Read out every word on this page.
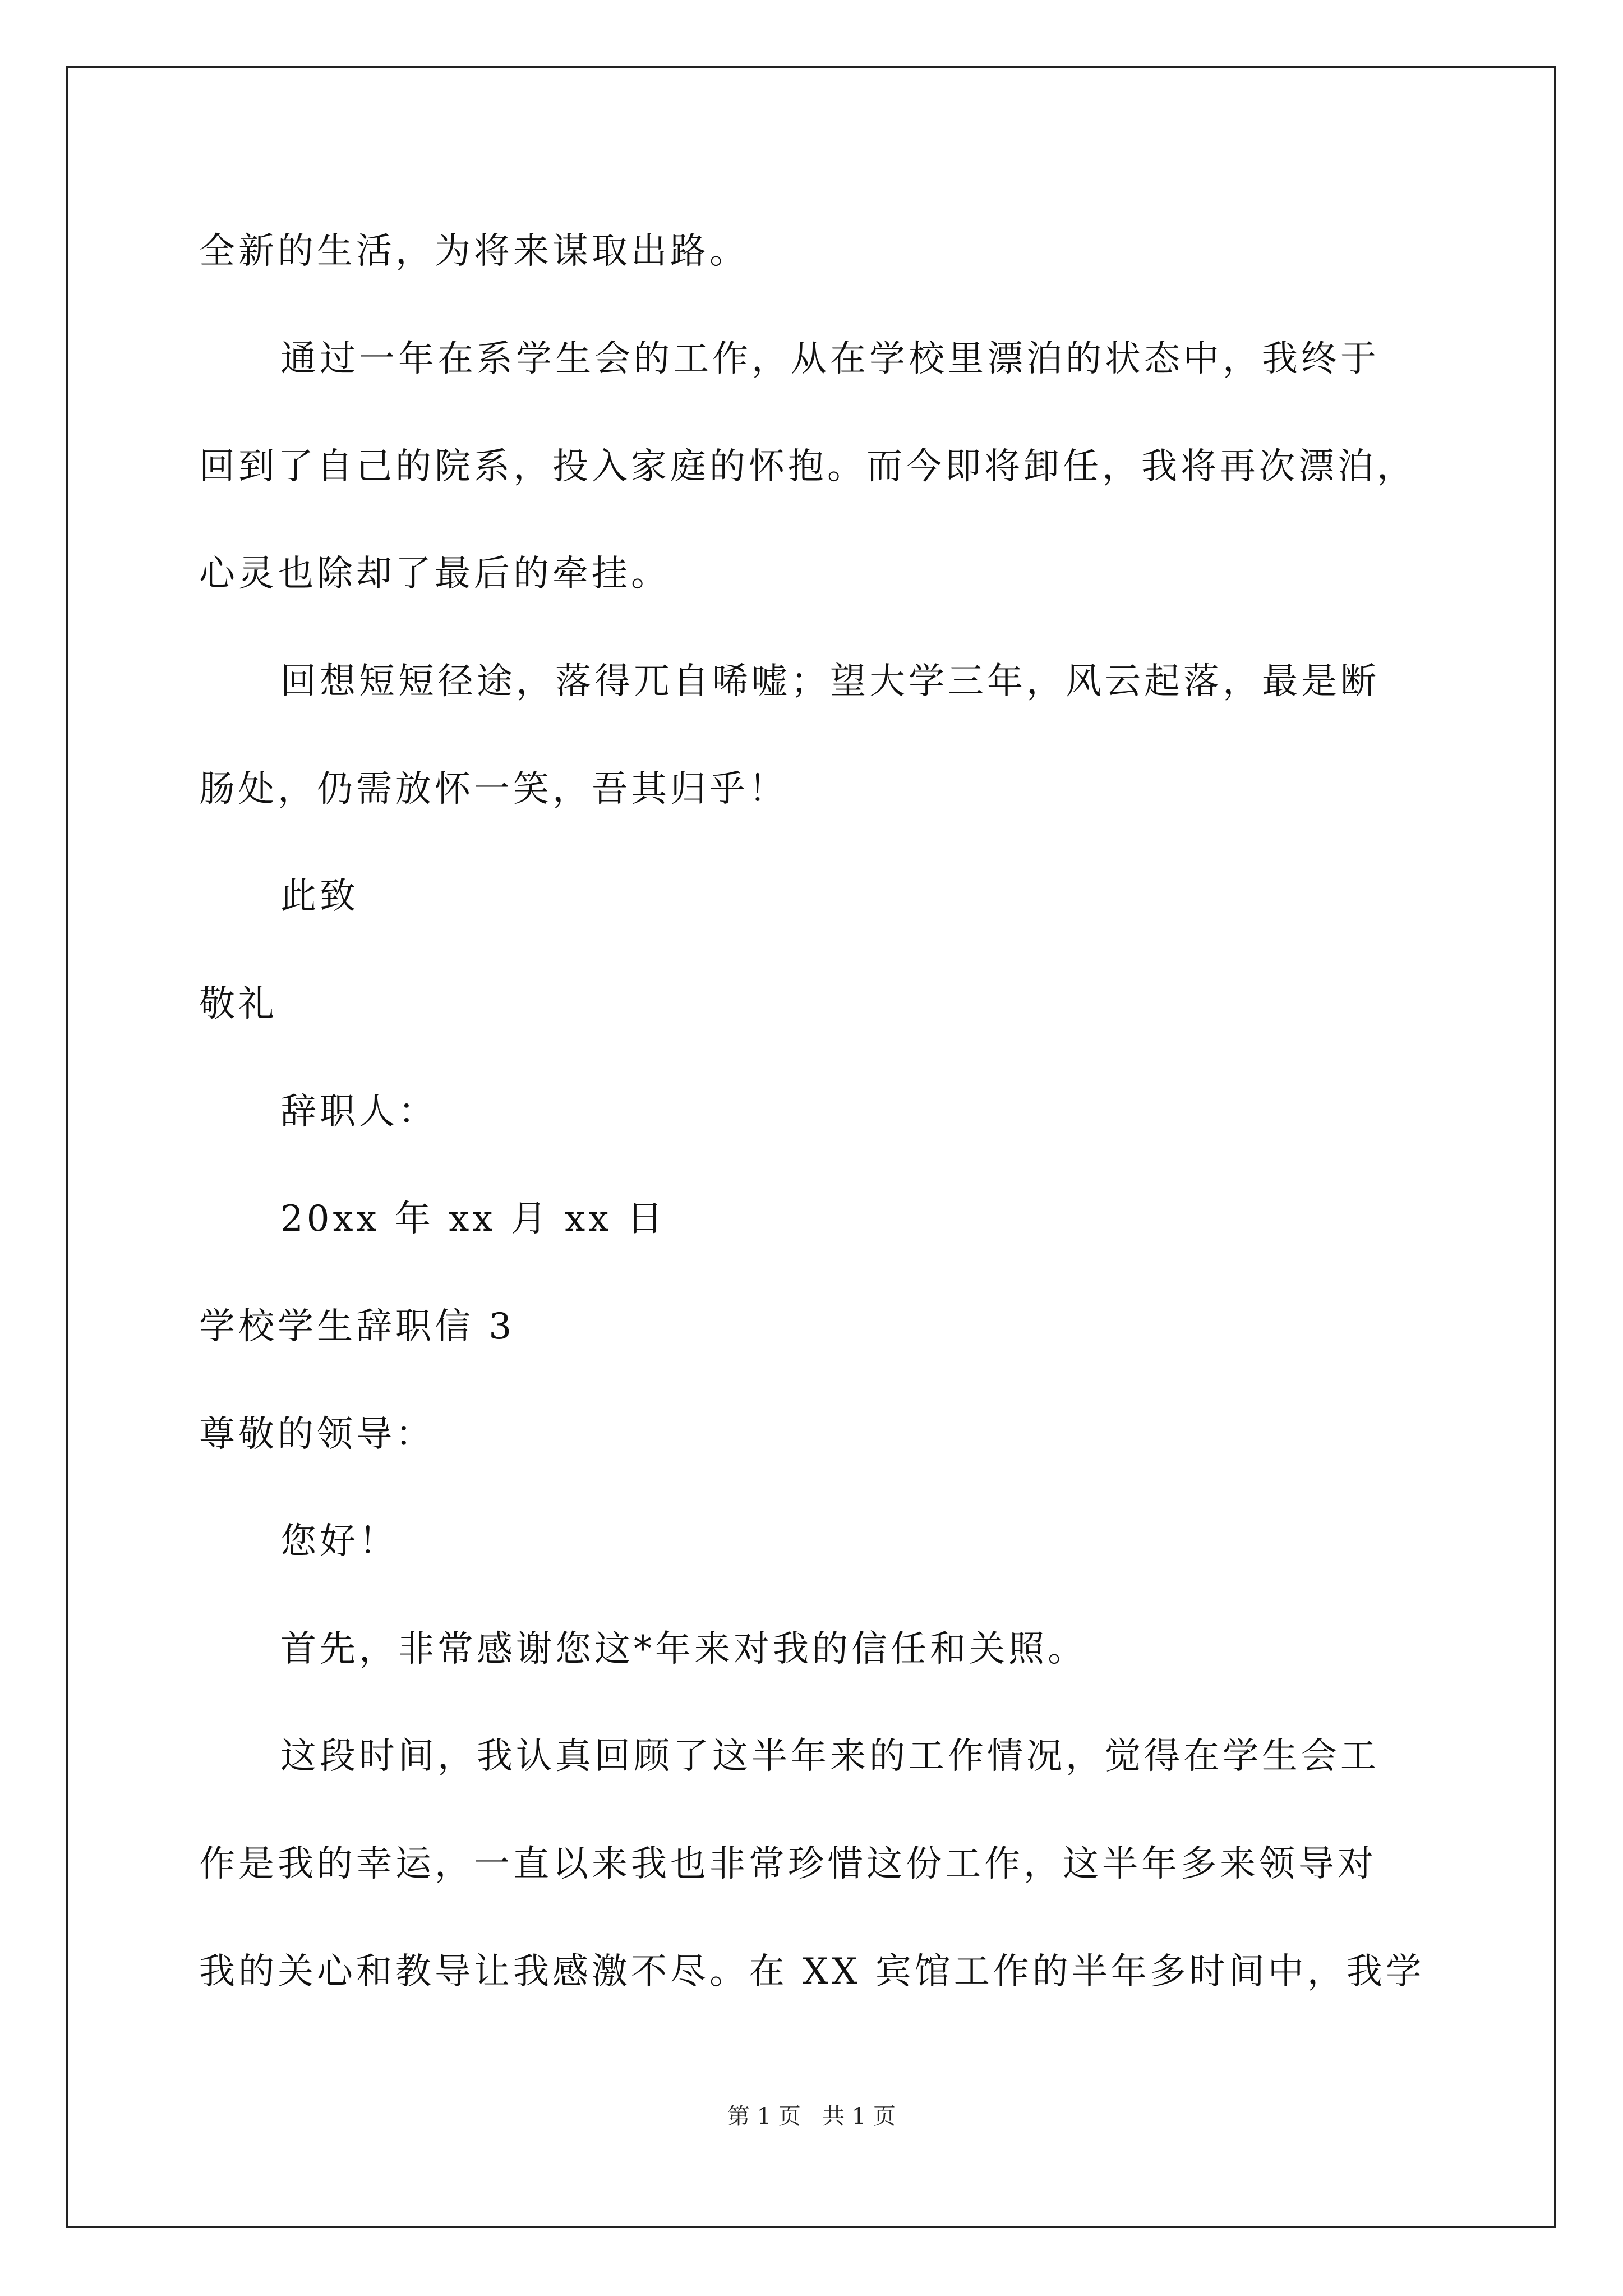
全新的生活，为将来谋取出路。
通过一年在系学生会的工作，从在学校里漂泊的状态中，我终于
回到了自己的院系，投入家庭的怀抱。而今即将卸任，我将再次漂泊，
心灵也除却了最后的牵挂。
回想短短径途，落得兀自唏嘘；望大学三年，风云起落，最是断
肠处，仍需放怀一笑，吾其归乎！
此致
敬礼
辞职人：
20xx 年 xx 月 xx 日
学校学生辞职信 3
尊敬的领导：
您好！
首先，非常感谢您这*年来对我的信任和关照。
这段时间，我认真回顾了这半年来的工作情况，觉得在学生会工
作是我的幸运，一直以来我也非常珍惜这份工作，这半年多来领导对
我的关心和教导让我感激不尽。在 XX 宾馆工作的半年多时间中，我学
第 1 页   共 1 页
